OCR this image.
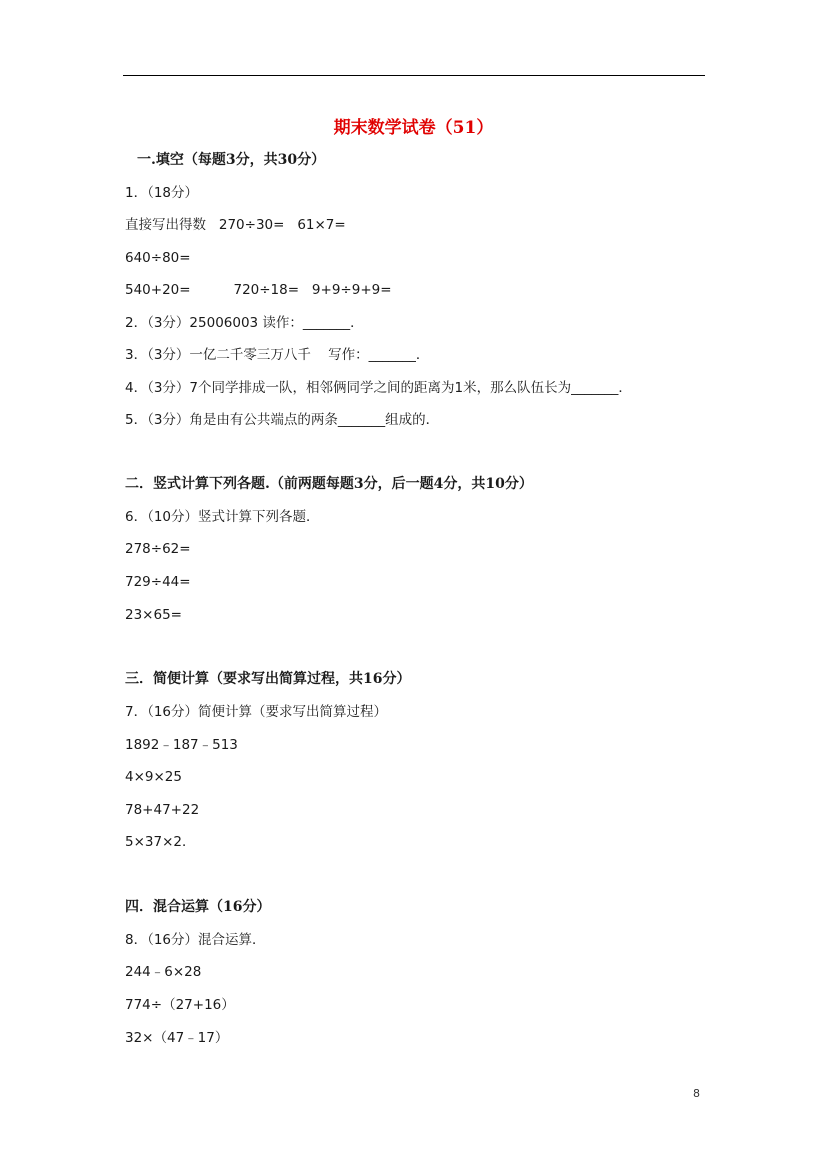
期末数学试卷（51）
一.填空（每题3分，共30分）
1．（18分）
直接写出得数   270÷30=   61×7=
640÷80=
540+20=          720÷18=   9+9÷9+9=
2．（3分）25006003 读作：_______．
3．（3分）一亿二千零三万八千    写作：_______．
4．（3分）7个同学排成一队，相邻俩同学之间的距离为1米，那么队伍长为_______．
5．（3分）角是由有公共端点的两条_______组成的．
二．竖式计算下列各题.（前两题每题3分，后一题4分，共10分）
6．（10分）竖式计算下列各题．
278÷62=
729÷44=
23×65=
三．简便计算（要求写出简算过程，共16分）
7．（16分）简便计算（要求写出简算过程）
1892﹣187﹣513
4×9×25
78+47+22
5×37×2．
四．混合运算（16分）
8．（16分）混合运算．
244﹣6×28
774÷（27+16）
32×（47﹣17）
8
